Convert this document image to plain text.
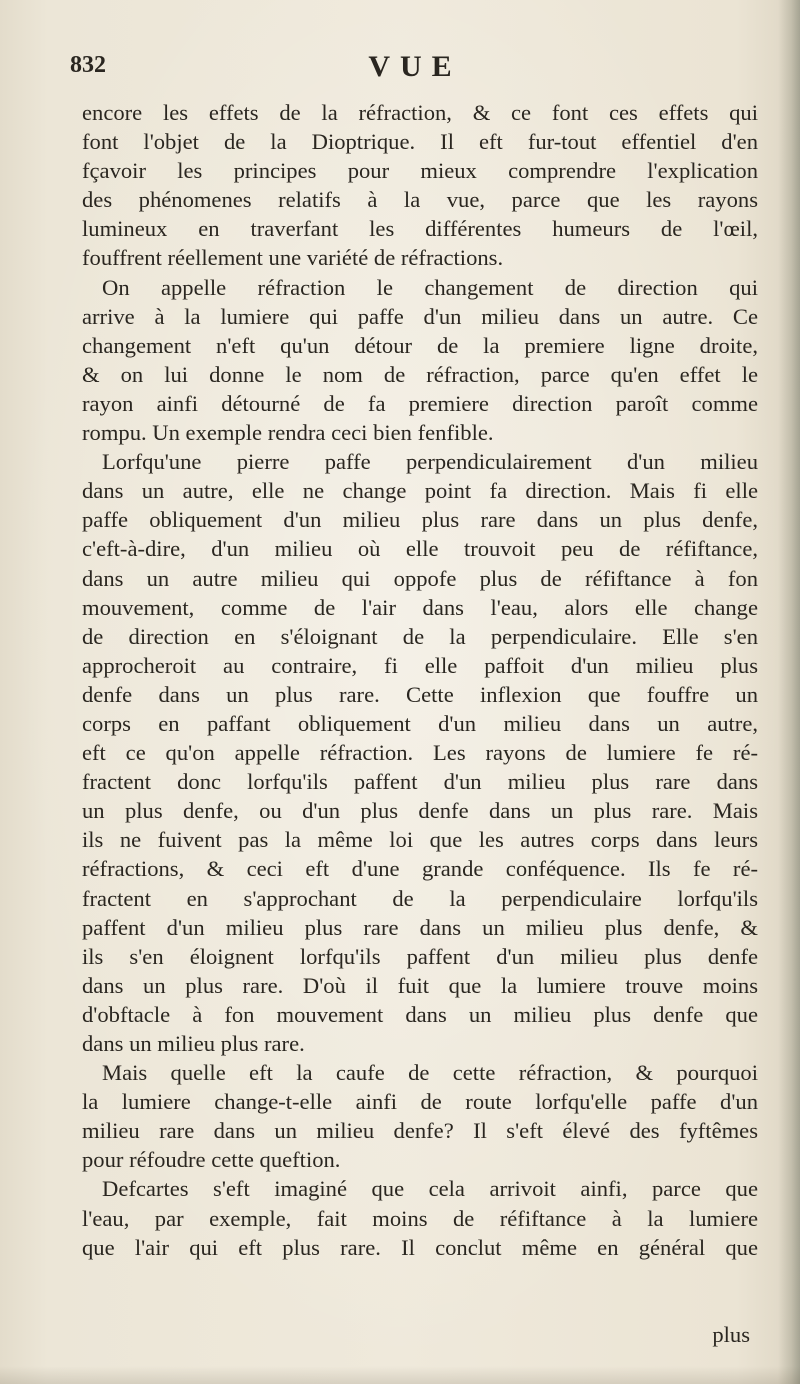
832	VUE
encore les effets de la réfraction, & ce font ces effets qui
font l'objet de la Dioptrique. Il eft fur-tout effentiel d'en
fçavoir les principes pour mieux comprendre l'explication
des phénomenes relatifs à la vue, parce que les rayons
lumineux en traverfant les différentes humeurs de l'œil,
fouffrent réellement une variété de réfractions.
On appelle réfraction le changement de direction qui
arrive à la lumiere qui paffe d'un milieu dans un autre. Ce
changement n'eft qu'un détour de la premiere ligne droite,
& on lui donne le nom de réfraction, parce qu'en effet le
rayon ainfi détourné de fa premiere direction paroît comme
rompu. Un exemple rendra ceci bien fenfible.
Lorfqu'une pierre paffe perpendiculairement d'un milieu
dans un autre, elle ne change point fa direction. Mais fi elle
paffe obliquement d'un milieu plus rare dans un plus denfe,
c'eft-à-dire, d'un milieu où elle trouvoit peu de réfiftance,
dans un autre milieu qui oppofe plus de réfiftance à fon
mouvement, comme de l'air dans l'eau, alors elle change
de direction en s'éloignant de la perpendiculaire. Elle s'en
approcheroit au contraire, fi elle paffoit d'un milieu plus
denfe dans un plus rare. Cette inflexion que fouffre un
corps en paffant obliquement d'un milieu dans un autre,
eft ce qu'on appelle réfraction. Les rayons de lumiere fe ré-
fractent donc lorfqu'ils paffent d'un milieu plus rare dans
un plus denfe, ou d'un plus denfe dans un plus rare. Mais
ils ne fuivent pas la même loi que les autres corps dans leurs
réfractions, & ceci eft d'une grande conféquence. Ils fe ré-
fractent en s'approchant de la perpendiculaire lorfqu'ils
paffent d'un milieu plus rare dans un milieu plus denfe, &
ils s'en éloignent lorfqu'ils paffent d'un milieu plus denfe
dans un plus rare. D'où il fuit que la lumiere trouve moins
d'obftacle à fon mouvement dans un milieu plus denfe que
dans un milieu plus rare.
Mais quelle eft la caufe de cette réfraction, & pourquoi
la lumiere change-t-elle ainfi de route lorfqu'elle paffe d'un
milieu rare dans un milieu denfe? Il s'eft élevé des fyftêmes
pour réfoudre cette queftion.
Defcartes s'eft imaginé que cela arrivoit ainfi, parce que
l'eau, par exemple, fait moins de réfiftance à la lumiere
que l'air qui eft plus rare. Il conclut même en général que
plus
